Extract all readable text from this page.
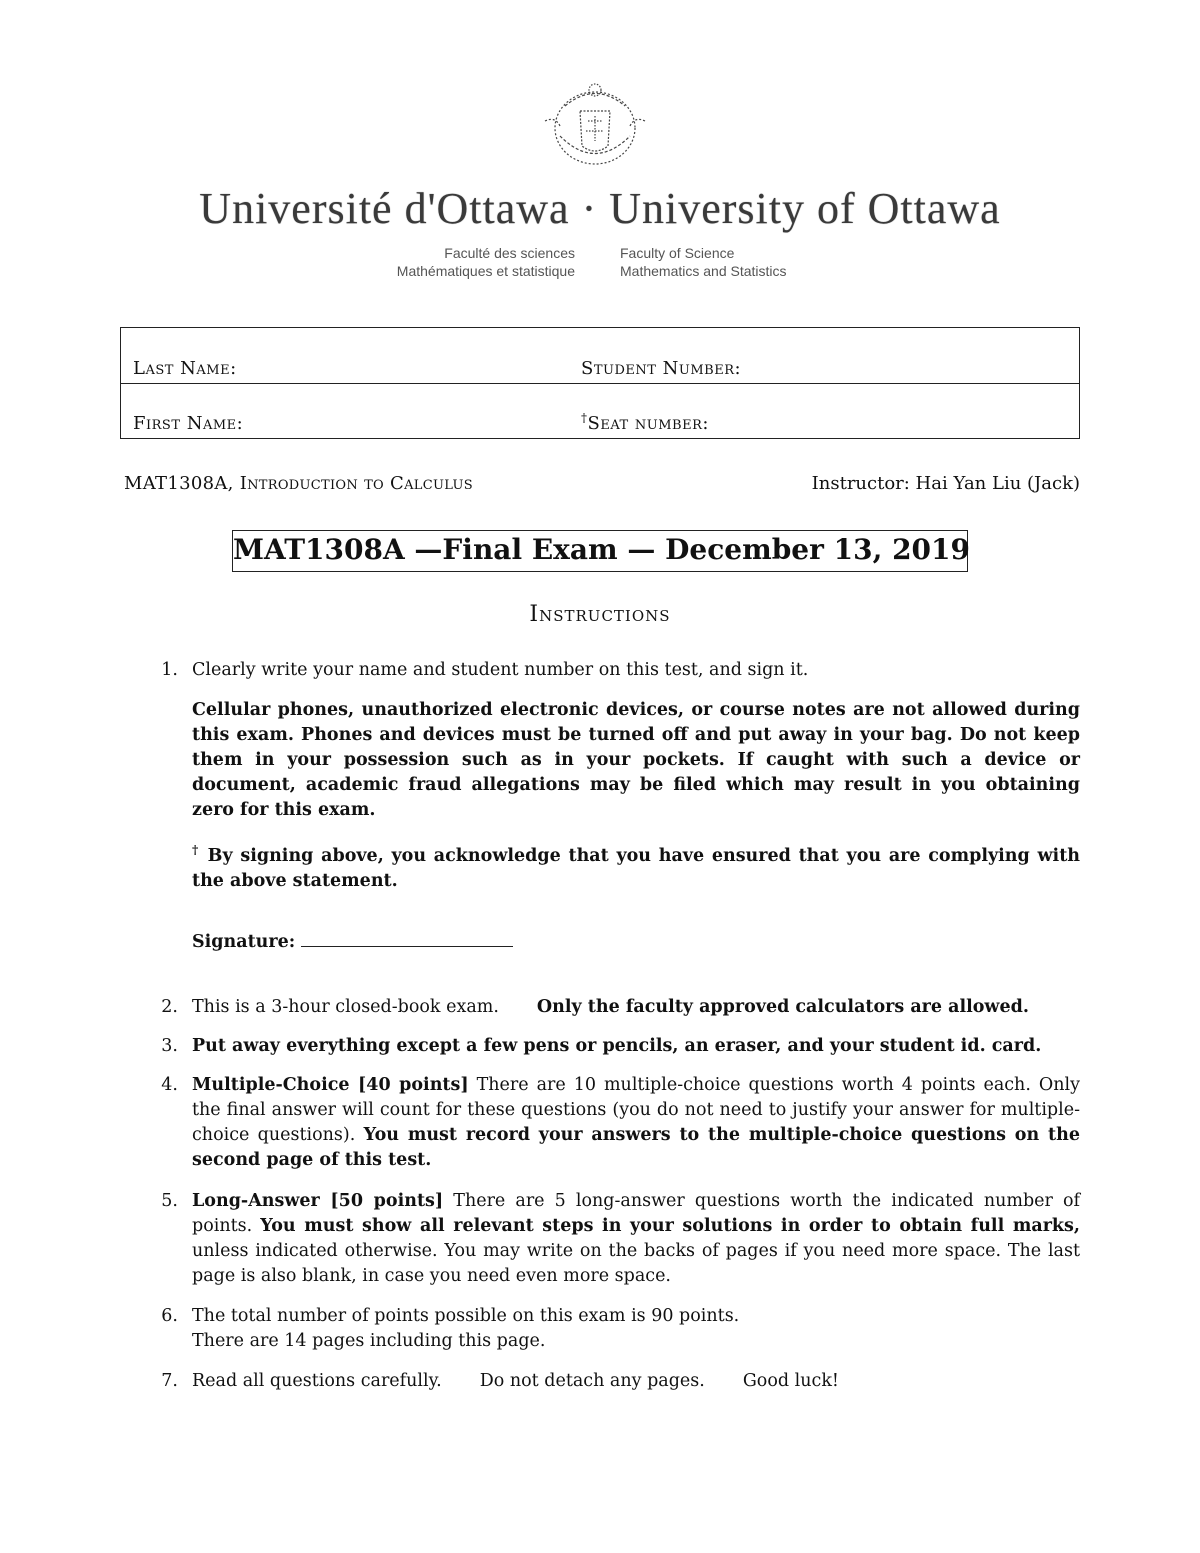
Université d'Ottawa · University of Ottawa
Faculté des sciences
Mathématiques et statistique
Faculty of Science
Mathematics and Statistics
Last Name:	Student Number:
First Name:	†Seat number:
MAT1308A, Introduction to Calculus	Instructor: Hai Yan Liu (Jack)
MAT1308A —Final Exam — December 13, 2019
Instructions
1. Clearly write your name and student number on this test, and sign it.
Cellular phones, unauthorized electronic devices, or course notes are not allowed during this exam. Phones and devices must be turned off and put away in your bag. Do not keep them in your possession such as in your pockets. If caught with such a device or document, academic fraud allegations may be filed which may result in you obtaining zero for this exam.
† By signing above, you acknowledge that you have ensured that you are complying with the above statement.
Signature:
2. This is a 3-hour closed-book exam. Only the faculty approved calculators are allowed.
3. Put away everything except a few pens or pencils, an eraser, and your student id. card.
4. Multiple-Choice [40 points] There are 10 multiple-choice questions worth 4 points each. Only the final answer will count for these questions (you do not need to justify your answer for multiple-choice questions). You must record your answers to the multiple-choice questions on the second page of this test.
5. Long-Answer [50 points] There are 5 long-answer questions worth the indicated number of points. You must show all relevant steps in your solutions in order to obtain full marks, unless indicated otherwise. You may write on the backs of pages if you need more space. The last page is also blank, in case you need even more space.
6. The total number of points possible on this exam is 90 points.
There are 14 pages including this page.
7. Read all questions carefully. Do not detach any pages. Good luck!
